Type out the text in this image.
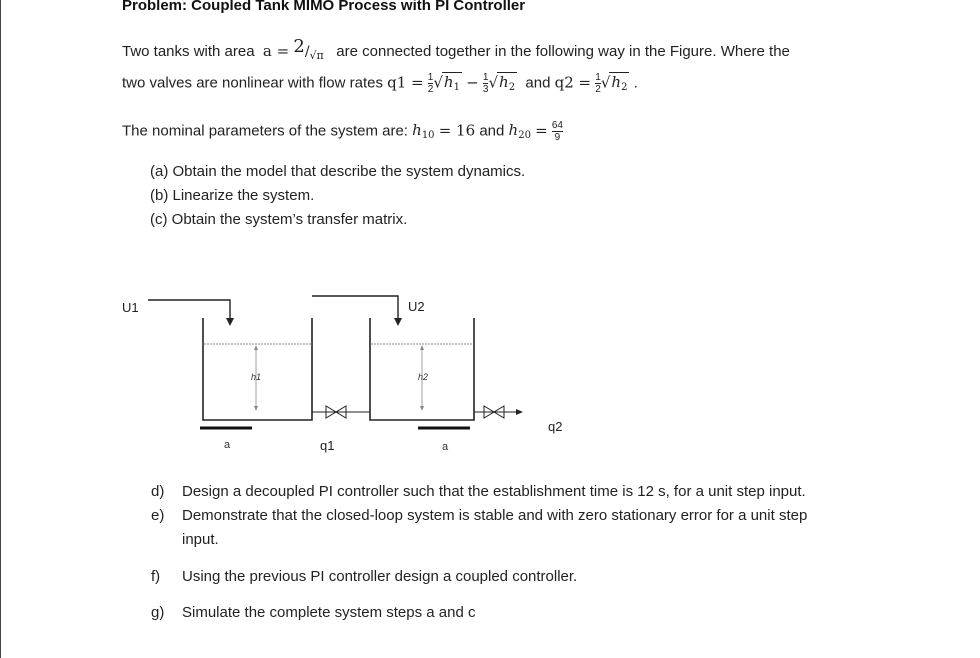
Problem: Coupled Tank MIMO Process with PI Controller
Two tanks with area $a = 2/_{√\pi}$ are connected together in the following way in the Figure. Where the
two valves are nonlinear with flow rates $q1 = \frac{1}{2} √h_1 - \frac{1}{3} √h_2$ and $q2 = \frac{1}{2} √h_2$ .
The nominal parameters of the system are: $h_{10} = 16$ and $h_{20} = \frac{64}{9}$
(a) Obtain the model that describe the system dynamics.
(b) Linearize the system.
(c) Obtain the system’s transfer matrix.
U1	U2
h1	h2
a	a
q1
q2
d) Design a decoupled PI controller such that the establishment time is 12 s, for a unit step input.
e) Demonstrate that the closed-loop system is stable and with zero stationary error for a unit step
input.
f) Using the previous PI controller design a coupled controller.
g) Simulate the complete system steps a and c
